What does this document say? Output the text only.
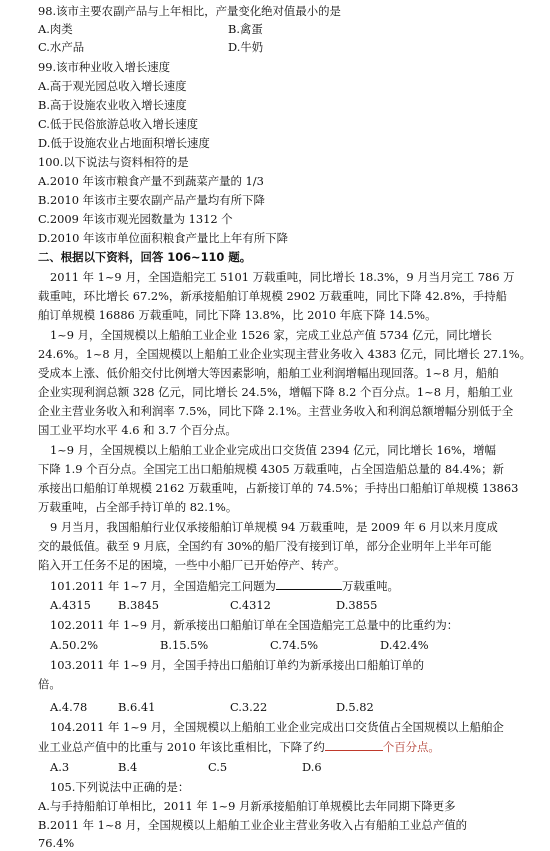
98.该市主要农副产品与上年相比，产量变化绝对值最小的是
A.肉类	B.禽蛋
C.水产品	D.牛奶
99.该市种业收入增长速度
A.高于观光园总收入增长速度
B.高于设施农业收入增长速度
C.低于民俗旅游总收入增长速度
D.低于设施农业占地面积增长速度
100.以下说法与资料相符的是
A.2010 年该市粮食产量不到蔬菜产量的 1/3
B.2010 年该市主要农副产品产量均有所下降
C.2009 年该市观光园数量为 1312 个
D.2010 年该市单位面积粮食产量比上年有所下降
二、根据以下资料，回答 106~110 题。
2011 年 1~9 月，全国造船完工 5101 万载重吨，同比增长 18.3%，9 月当月完工 786 万
载重吨，环比增长 67.2%，新承接船舶订单规模 2902 万载重吨，同比下降 42.8%，手持船
舶订单规模 16886 万载重吨，同比下降 13.8%，比 2010 年底下降 14.5%。
1~9 月，全国规模以上船舶工业企业 1526 家，完成工业总产值 5734 亿元，同比增长
24.6%。1~8 月，全国规模以上船舶工业企业实现主营业务收入 4383 亿元，同比增长 27.1%。
受成本上涨、低价船交付比例增大等因素影响，船舶工业利润增幅出现回落。1~8 月，船舶
企业实现利润总额 328 亿元，同比增长 24.5%，增幅下降 8.2 个百分点。1~8 月，船舶工业
企业主营业务收入和利润率 7.5%，同比下降 2.1%。主营业务收入和利润总额增幅分别低于全
国工业平均水平 4.6 和 3.7 个百分点。
1~9 月，全国规模以上船舶工业企业完成出口交货值 2394 亿元，同比增长 16%，增幅
下降 1.9 个百分点。全国完工出口船舶规模 4305 万载重吨，占全国造船总量的 84.4%；新
承接出口船舶订单规模 2162 万载重吨，占新接订单的 74.5%；手持出口船舶订单规模 13863
万载重吨，占全部手持订单的 82.1%。
9 月当月，我国船舶行业仅承接船舶订单规模 94 万载重吨，是 2009 年 6 月以来月度成
交的最低值。截至 9 月底，全国约有 30%的船厂没有接到订单，部分企业明年上半年可能
陷入开工任务不足的困境，一些中小船厂已开始停产、转产。
101.2011 年 1~7 月，全国造船完工问题为	万载重吨。
A.4315 B.3845	C.4312	D.3855
102.2011 年 1~9 月，新承接出口船舶订单在全国造船完工总量中的比重约为：
A.50.2%	B.15.5%	C.74.5%	D.42.4%
103.2011 年 1~9 月，全国手持出口船舶订单约为新承接出口船舶订单的
倍。
A.4.78	B.6.41	C.3.22	D.5.82
104.2011 年 1~9 月，全国规模以上船舶工业企业完成出口交货值占全国规模以上船舶企
业工业总产值中的比重与 2010 年该比重相比，下降了约	个百分点。
A.3	B.4	C.5	D.6
105.下列说法中正确的是：
A.与手持船舶订单相比，2011 年 1~9 月新承接船舶订单规模比去年同期下降更多
B.2011 年 1~8 月，全国规模以上船舶工业企业主营业务收入占有船舶工业总产值的
76.4%
